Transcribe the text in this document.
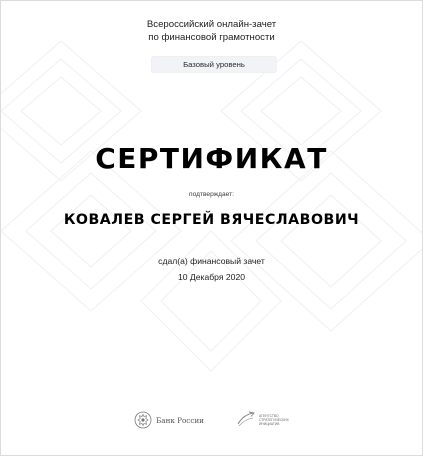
Всероссийский онлайн-зачет
по финансовой грамотности
Базовый уровень
СЕРТИФИКАТ
подтверждает:
КОВАЛЕВ СЕРГЕЙ ВЯЧЕСЛАВОВИЧ
сдал(а) финансовый зачет
10 Декабря 2020
Банк России	АГЕНТСТВО
СТРАТЕГИЧЕСКИХ
ИНИЦИАТИВ
